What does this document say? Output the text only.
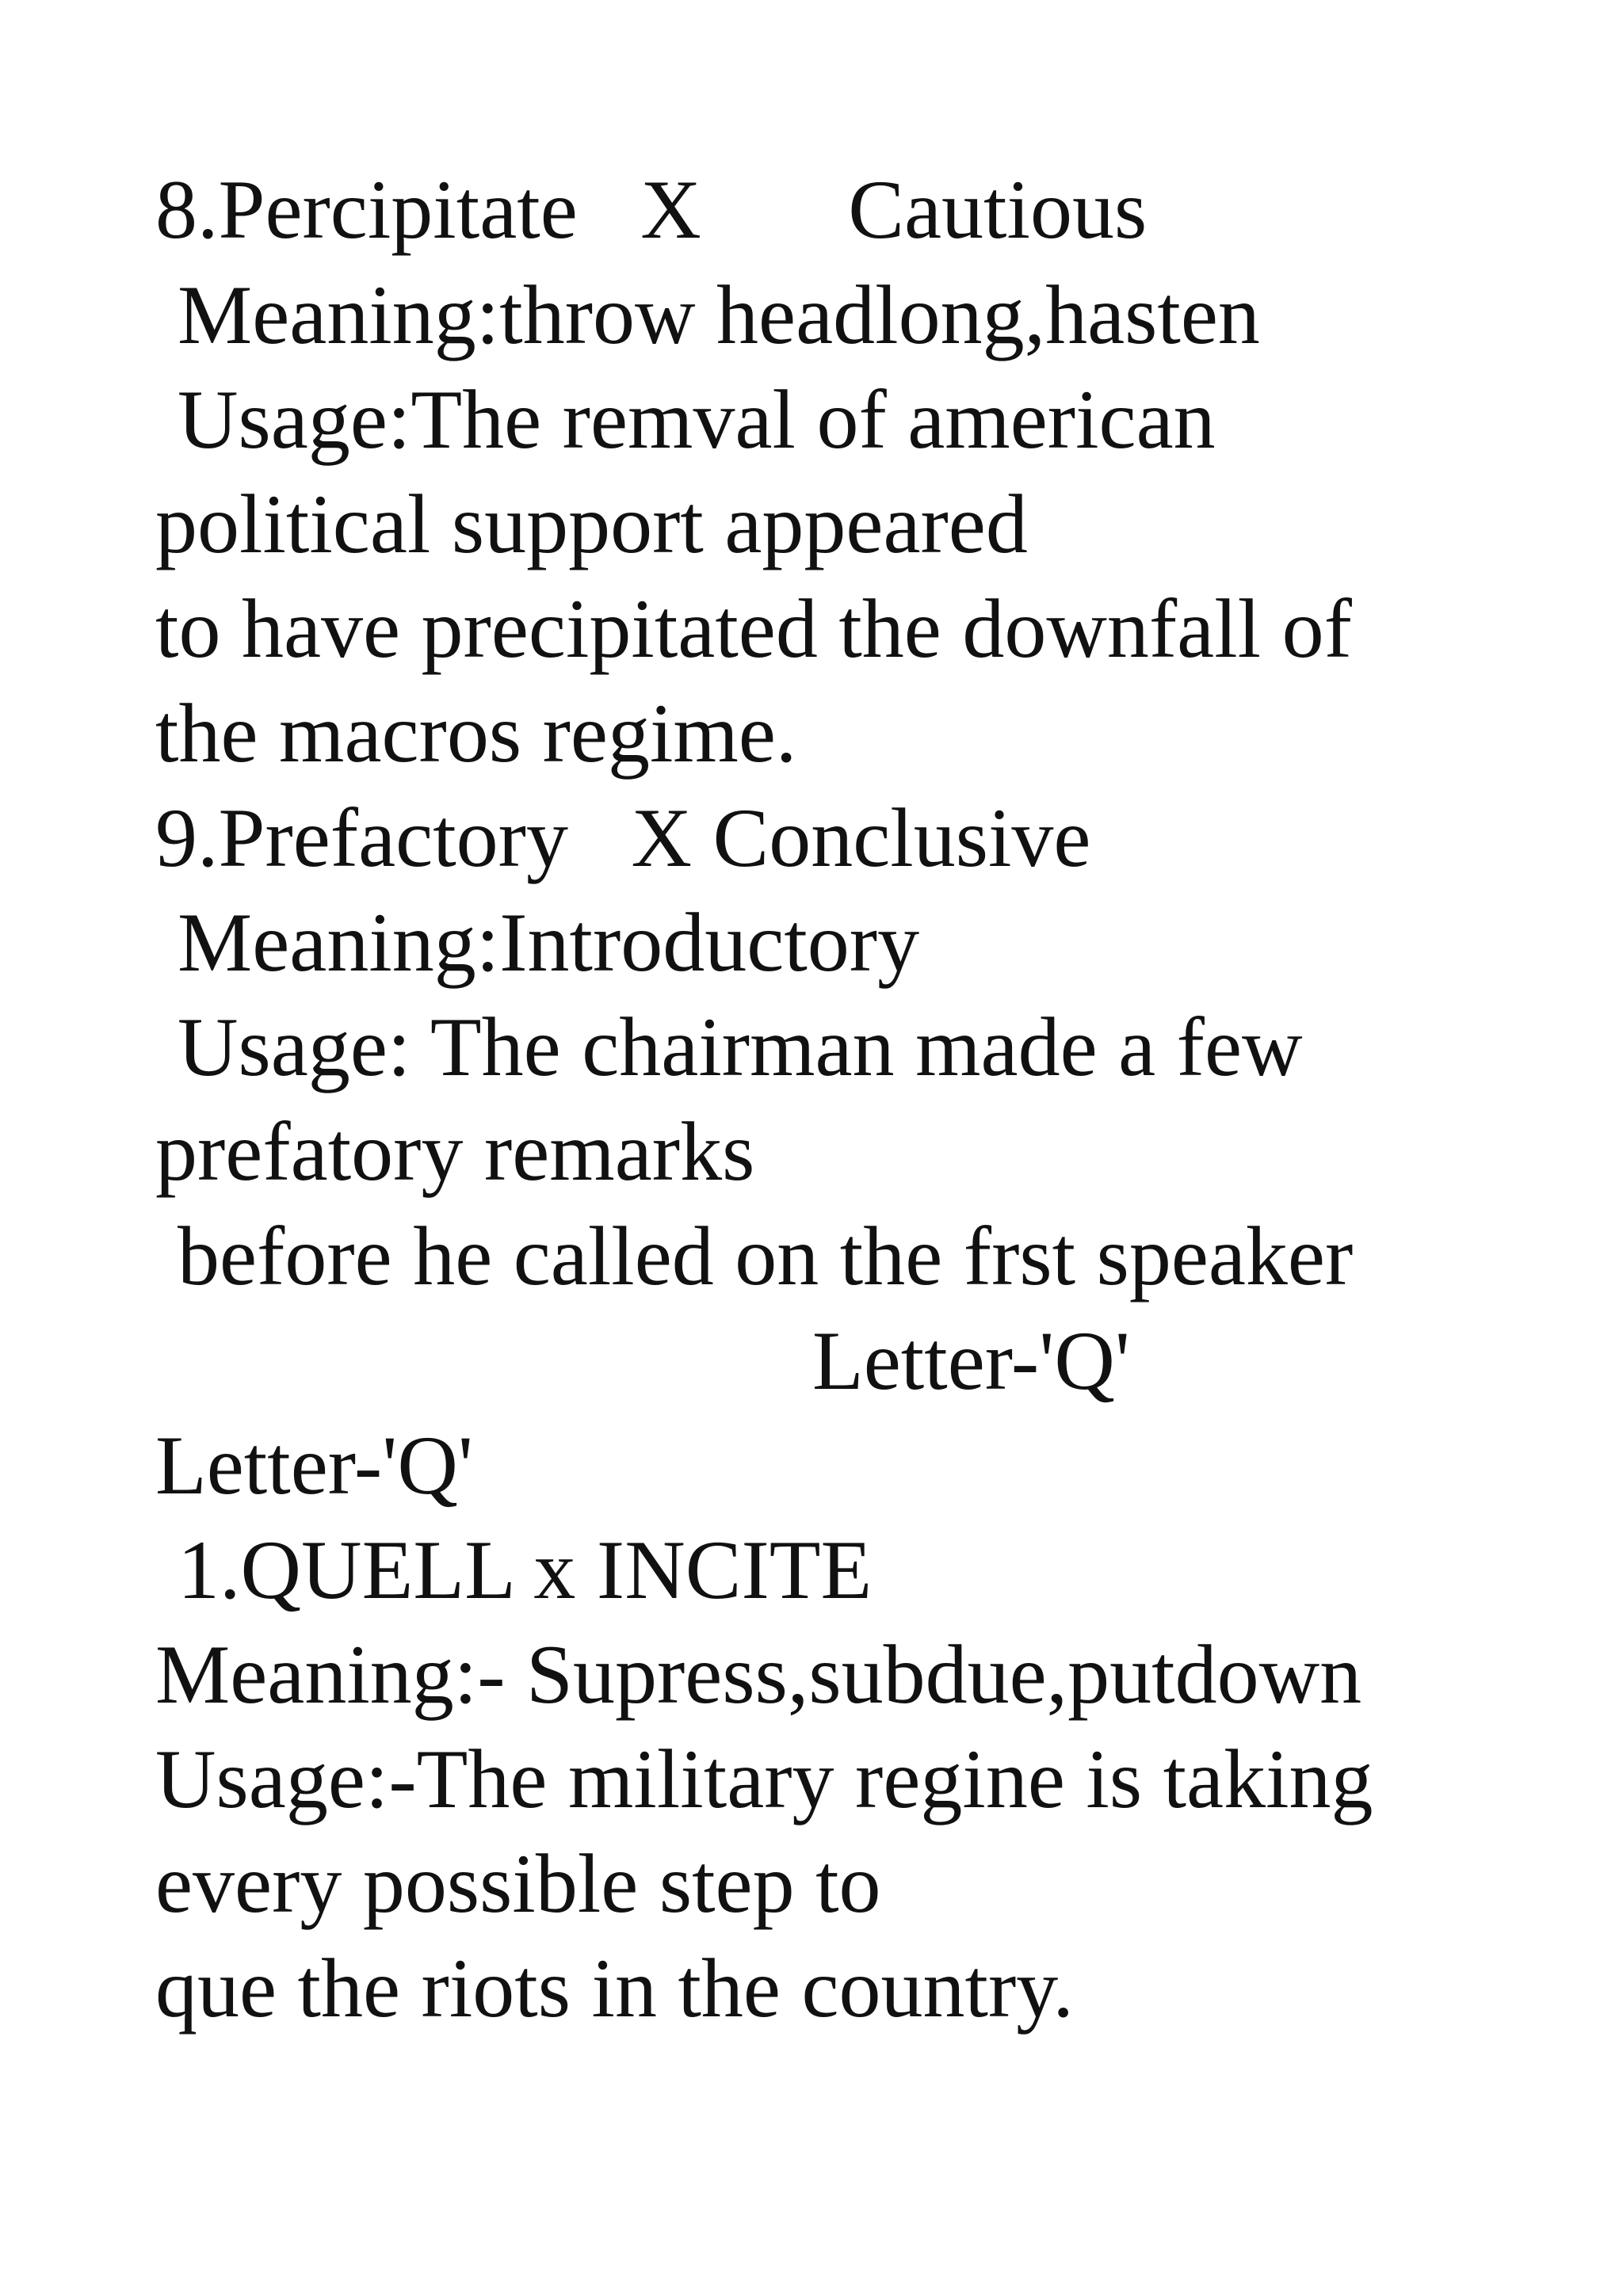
8.Percipitate   X       Cautious

Meaning:throw headlong,hasten

Usage:The remval of american

political support appeared

to have precipitated the downfall of

the macros regime.

9.Prefactory   X Conclusive

Meaning:Introductory

Usage: The chairman made a few

prefatory remarks

before he called on the frst speaker

Letter-'Q'

Letter-'Q'

1.QUELL x INCITE

Meaning:- Supress,subdue,putdown

Usage:-The military regine is taking

every possible step to

que the riots in the country.
